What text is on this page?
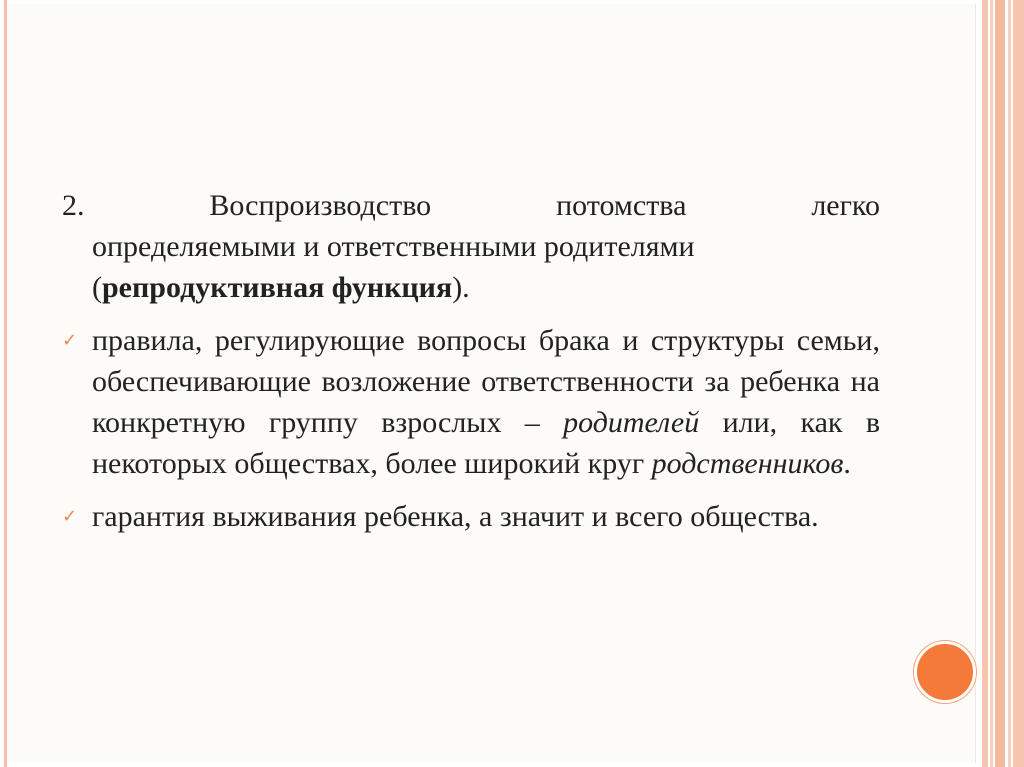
2.	Воспроизводство	потомства	легко
определяемыми и ответственными родителями
(репродуктивная функция).
✓ правила, регулирующие вопросы брака и структуры семьи, обеспечивающие возложение ответственности за ребенка на конкретную группу взрослых – родителей или, как в некоторых обществах, более широкий круг родственников.
✓ гарантия выживания ребенка, а значит и всего общества.
